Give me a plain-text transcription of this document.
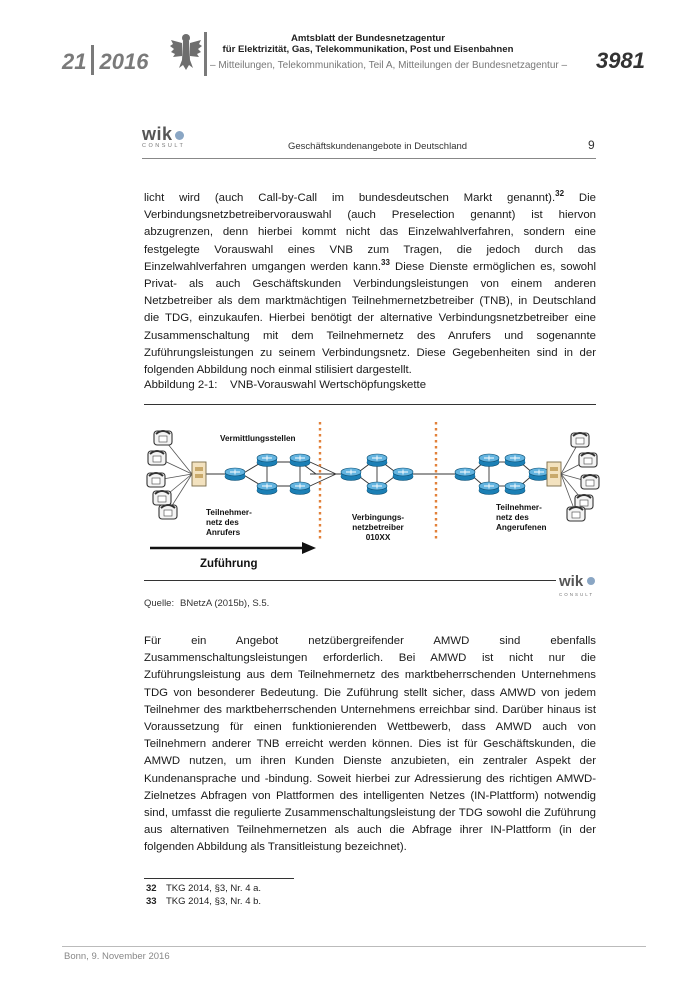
21 2016
Amtsblatt der Bundesnetzagentur
für Elektrizität, Gas, Telekommunikation, Post und Eisenbahnen
– Mitteilungen, Telekommunikation, Teil A, Mitteilungen der Bundesnetzagentur – 3981
wik
CONSULT	Geschäftskundenangebote in Deutschland	9

licht wird (auch Call-by-Call im bundesdeutschen Markt genannt).$^{32}$ Die Verbindungsnetzbetreibervorauswahl (auch Preselection genannt) ist hiervon abzugrenzen, denn hierbei kommt nicht das Einzelwahlverfahren, sondern eine festgelegte Vorauswahl eines VNB zum Tragen, die jedoch durch das Einzelwahlverfahren umgangen werden kann.$^{33}$ Diese Dienste ermöglichen es, sowohl Privat- als auch Geschäftskunden Verbindungsleistungen von einem anderen Netzbetreiber als dem marktmächtigen Teilnehmernetzbetreiber (TNB), in Deutschland die TDG, einzukaufen. Hierbei benötigt der alternative Verbindungsnetzbetreiber eine Zusammenschaltung mit dem Teilnehmernetz des Anrufers und sogenannte Zuführungsleistungen zu seinem Verbindungsnetz. Diese Gegebenheiten sind in der folgenden Abbildung noch einmal stilisiert dargestellt.

Abbildung 2-1: VNB-Vorauswahl Wertschöpfungskette
Vermittlungsstellen
Teilnehmer-
netz des
Anrufers
Verbingungs-
netzbetreiber
010XX
Teilnehmer-
netz des
Angerufenen
Zuführung
wik
CONSULT
Quelle: BNetzA (2015b), S.5.

Für ein Angebot netzübergreifender AMWD sind ebenfalls Zusammenschaltungsleistungen erforderlich. Bei AMWD ist nicht nur die Zuführungsleistung aus dem Teilnehmernetz des marktbeherrschenden Unternehmens TDG von besonderer Bedeutung. Die Zuführung stellt sicher, dass AMWD von jedem Teilnehmer des marktbeherrschenden Unternehmens erreichbar sind. Darüber hinaus ist Voraussetzung für einen funktionierenden Wettbewerb, dass AMWD auch von Teilnehmern anderer TNB erreicht werden können. Dies ist für Geschäftskunden, die AMWD nutzen, um ihren Kunden Dienste anzubieten, ein zentraler Aspekt der Kundenansprache und -bindung. Soweit hierbei zur Adressierung des richtigen AMWD-Zielnetzes Abfragen von Plattformen des intelligenten Netzes (IN-Plattform) notwendig sind, umfasst die regulierte Zusammenschaltungsleistung der TDG sowohl die Zuführung aus alternativen Teilnehmernetzen als auch die Abfrage ihrer IN-Plattform (in der folgenden Abbildung als Transitleistung bezeichnet).

32 TKG 2014, §3, Nr. 4 a.
33 TKG 2014, §3, Nr. 4 b.
Bonn, 9. November 2016
